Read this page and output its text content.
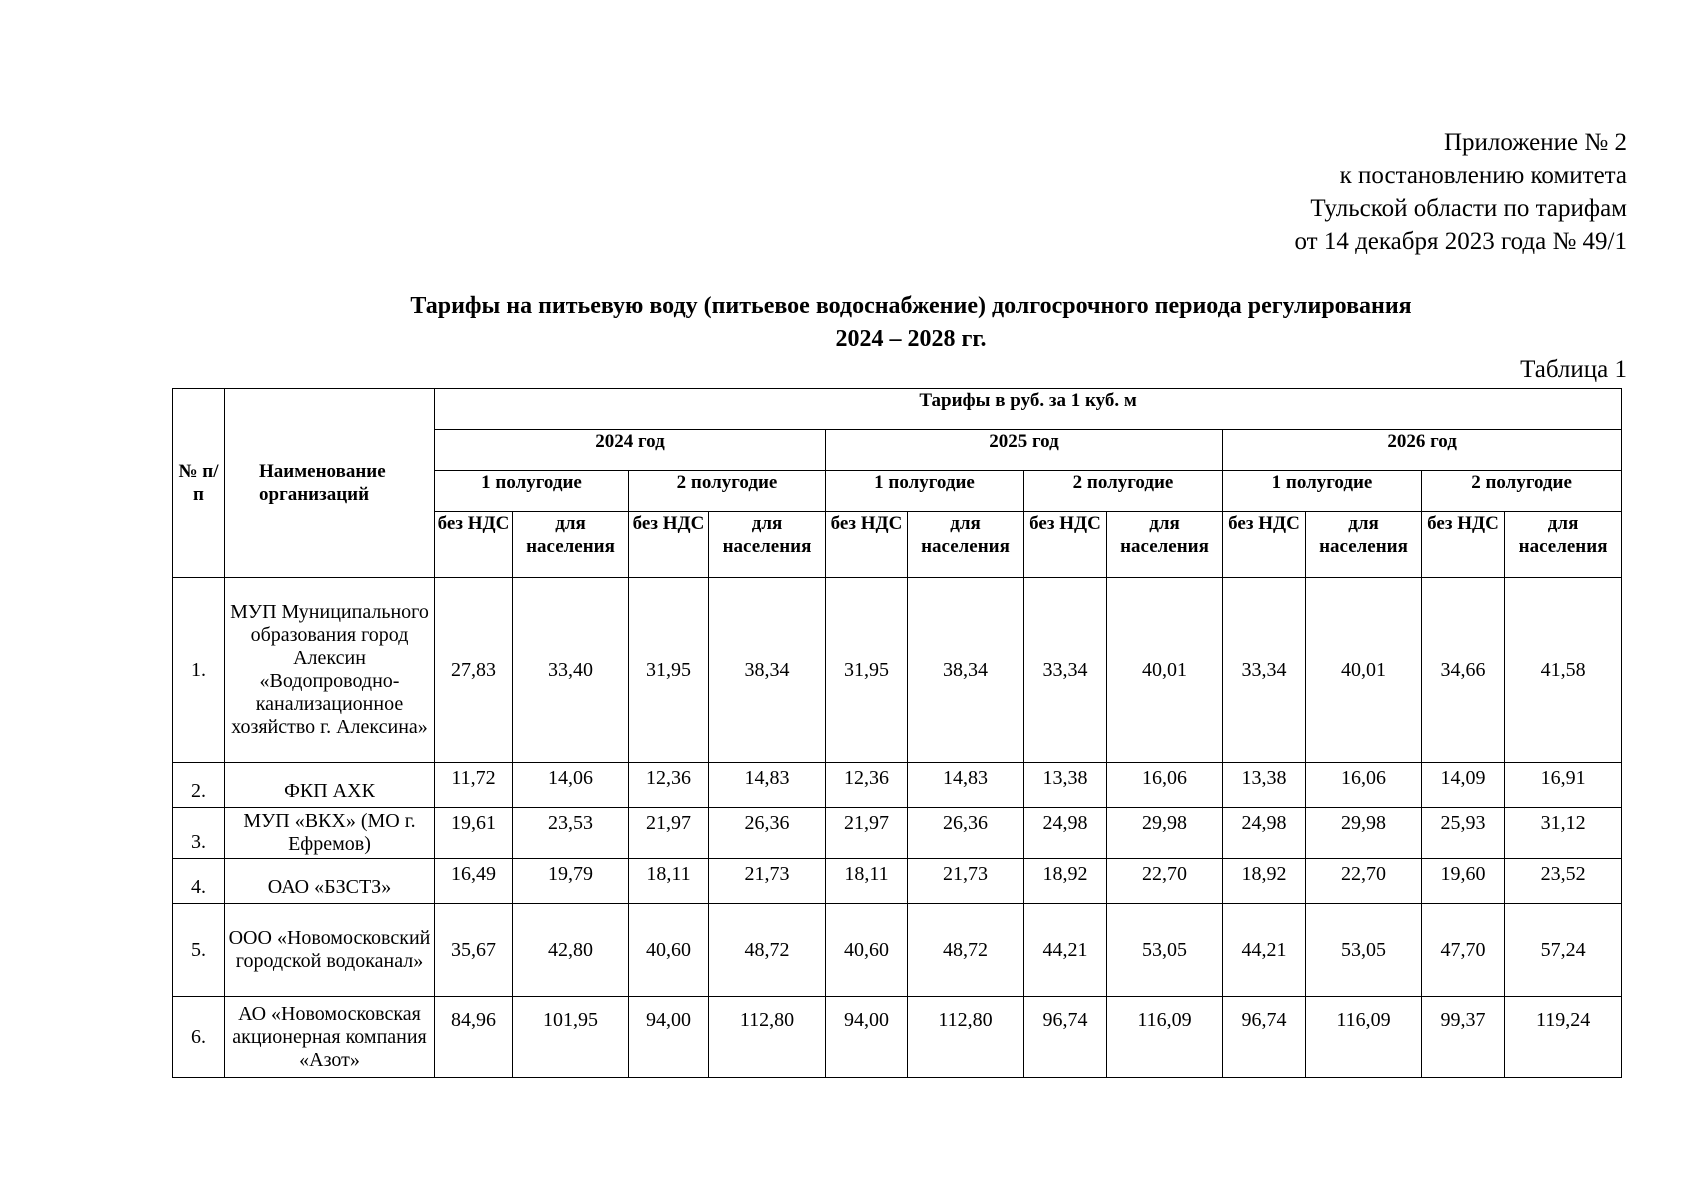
Приложение № 2
к постановлению комитета
Тульской области по тарифам
от 14 декабря 2023 года № 49/1
Тарифы на питьевую воду (питьевое водоснабжение) долгосрочного периода регулирования
2024 – 2028 гг.
Таблица 1
№ п/п	Наименование организаций	Тарифы в руб. за 1 куб. м											
		2024 год				2025 год				2026 год			
		1 полугодие		2 полугодие		1 полугодие		2 полугодие		1 полугодие		2 полугодие	
		без НДС	для населения	без НДС	для населения	без НДС	для населения	без НДС	для населения	без НДС	для населения	без НДС	для населения
1.	МУП Муниципального образования город Алексин «Водопроводно-канализационное хозяйство г. Алексина»	27,83	33,40	31,95	38,34	31,95	38,34	33,34	40,01	33,34	40,01	34,66	41,58
2.	ФКП АХК	11,72	14,06	12,36	14,83	12,36	14,83	13,38	16,06	13,38	16,06	14,09	16,91
3.	МУП «ВКХ» (МО г. Ефремов)	19,61	23,53	21,97	26,36	21,97	26,36	24,98	29,98	24,98	29,98	25,93	31,12
4.	ОАО «БЗСТЗ»	16,49	19,79	18,11	21,73	18,11	21,73	18,92	22,70	18,92	22,70	19,60	23,52
5.	ООО «Новомосковский городской водоканал»	35,67	42,80	40,60	48,72	40,60	48,72	44,21	53,05	44,21	53,05	47,70	57,24
6.	АО «Новомосковская акционерная компания «Азот»	84,96	101,95	94,00	112,80	94,00	112,80	96,74	116,09	96,74	116,09	99,37	119,24
